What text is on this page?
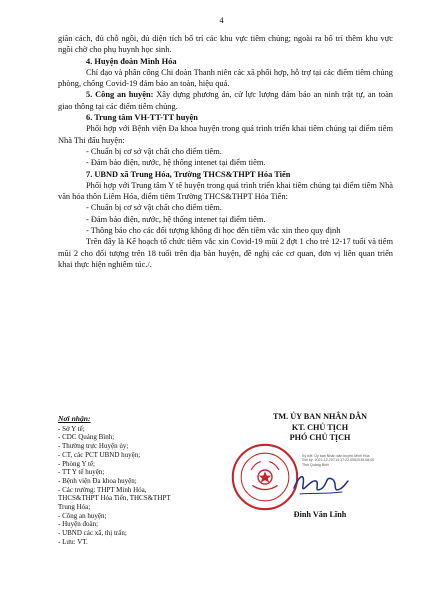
4

giãn cách, đủ chỗ ngồi, đủ diện tích bố trí các khu vực tiêm chủng; ngoài ra bố trí thêm khu vực ngồi chờ cho phụ huynh học sinh.

4. Huyện đoàn Minh Hóa

Chỉ đạo và phân công Chi đoàn Thanh niên các xã phối hợp, hỗ trợ tại các điểm tiêm chủng phòng, chống Covid-19 đảm bảo an toàn, hiệu quả.

5. Công an huyện: Xây dựng phương án, cử lực lượng đảm bảo an ninh trật tự, an toàn giao thông tại các điểm tiêm chủng.

6. Trung tâm VH-TT-TT huyện

Phối hợp với Bệnh viện Đa khoa huyện trong quá trình triển khai tiêm chủng tại điểm tiêm Nhà Thi đấu huyện:

- Chuẩn bị cơ sở vật chất cho điểm tiêm.

- Đảm bảo điện, nước, hệ thống intenet tại điểm tiêm.

7. UBND xã Trung Hóa, Trường THCS&THPT Hóa Tiến

Phối hợp với Trung tâm Y tế huyện trong quá trình triển khai tiêm chủng tại điểm tiêm Nhà văn hóa thôn Liêm Hóa, điểm tiêm Trường THCS&THPT Hóa Tiến:

- Chuẩn bị cơ sở vật chất cho điểm tiêm.

- Đảm bảo điện, nước, hệ thống intenet tại điểm tiêm.

- Thông báo cho các đối tượng không đi học đến tiêm vắc xin theo quy định

Trên đây là Kế hoạch tổ chức tiêm vắc xin Covid-19 mũi 2 đợt 1 cho trẻ 12-17 tuổi và tiêm mũi 2 cho đối tượng trên 18 tuổi trên địa bàn huyện, đề nghị các cơ quan, đơn vị liên quan triển khai thực hiện nghiêm túc./.

Nơi nhận:
- Sở Y tế;
- CDC Quảng Bình;
- Thường trực Huyện ủy;
- CT, các PCT UBND huyện;
- Phòng Y tế;
- TT Y tế huyện;
- Bệnh viện Đa khoa huyện;
- Các trường: THPT Minh Hóa,
THCS&THPT Hóa Tiến, THCS&THPT
Trung Hóa;
- Công an huyện;
- Huyện đoàn;
- UBND các xã, thị trấn;
- Lưu: VT.
TM. ỦY BAN NHÂN DÂN
KT. CHỦ TỊCH
PHÓ CHỦ TỊCH
Ký bởi: Ủy ban Nhân dân huyện Minh Hóa
Giờ ký: 2021-12-20T14:17:22.0062039-08:00
Tỉnh Quảng Bình
Đinh Văn Lĩnh
